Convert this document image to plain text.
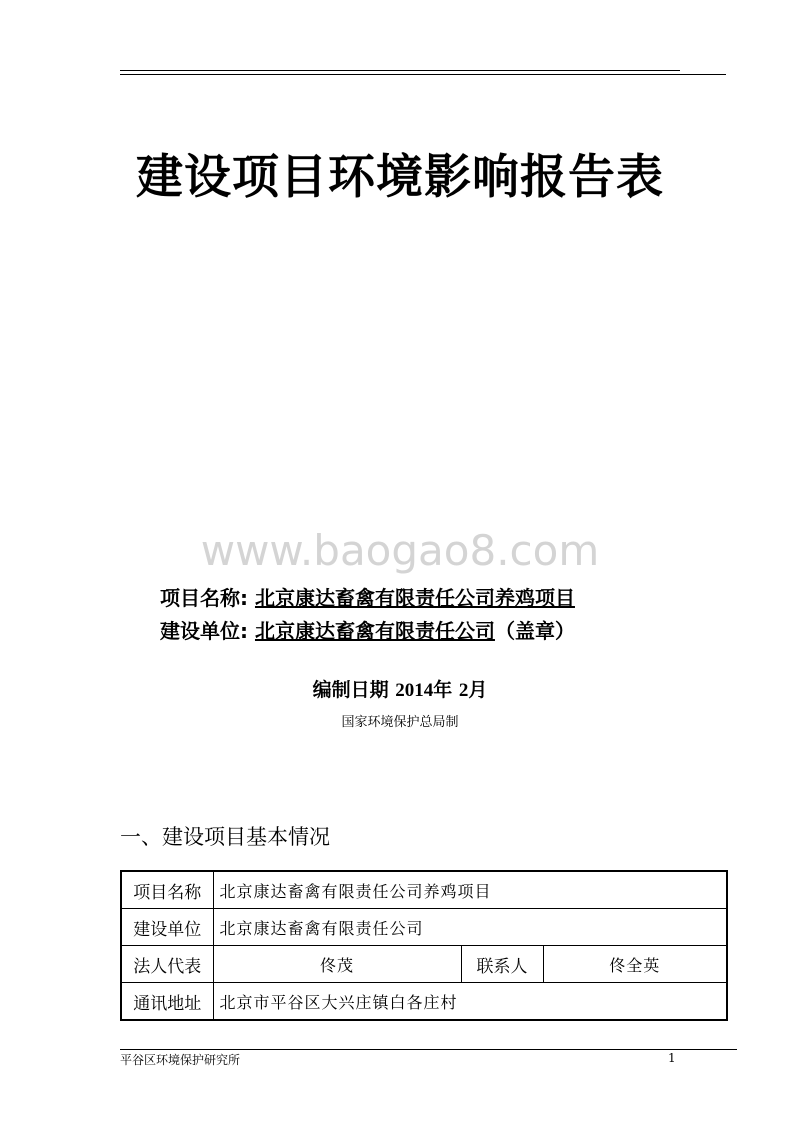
建设项目环境影响报告表
www.baogao8.com
项目名称: 北京康达畜禽有限责任公司养鸡项目
建设单位: 北京康达畜禽有限责任公司（盖章）
编制日期 2014年 2月
国家环境保护总局制
一、建设项目基本情况
项目名称	北京康达畜禽有限责任公司养鸡项目		
建设单位	北京康达畜禽有限责任公司		
法人代表	佟茂	联系人	佟全英
通讯地址	北京市平谷区大兴庄镇白各庄村		
平谷区环境保护研究所	1
